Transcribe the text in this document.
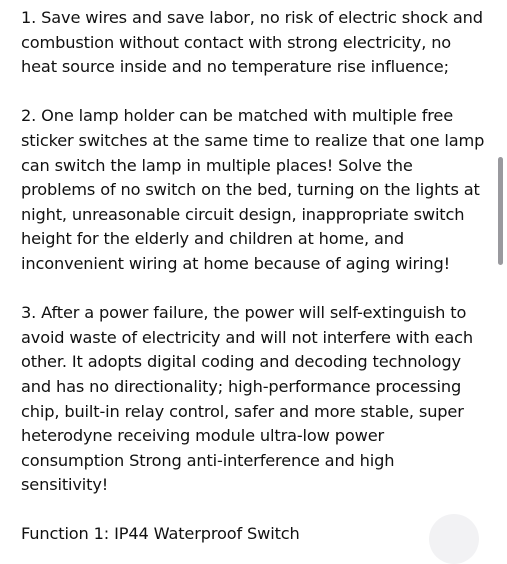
1. Save wires and save labor, no risk of electric shock and
combustion without contact with strong electricity, no
heat source inside and no temperature rise influence;

2. One lamp holder can be matched with multiple free
sticker switches at the same time to realize that one lamp
can switch the lamp in multiple places! Solve the
problems of no switch on the bed, turning on the lights at
night, unreasonable circuit design, inappropriate switch
height for the elderly and children at home, and
inconvenient wiring at home because of aging wiring!

3. After a power failure, the power will self-extinguish to
avoid waste of electricity and will not interfere with each
other. It adopts digital coding and decoding technology
and has no directionality; high-performance processing
chip, built-in relay control, safer and more stable, super
heterodyne receiving module ultra-low power
consumption Strong anti-interference and high
sensitivity!

Function 1: IP44 Waterproof Switch
